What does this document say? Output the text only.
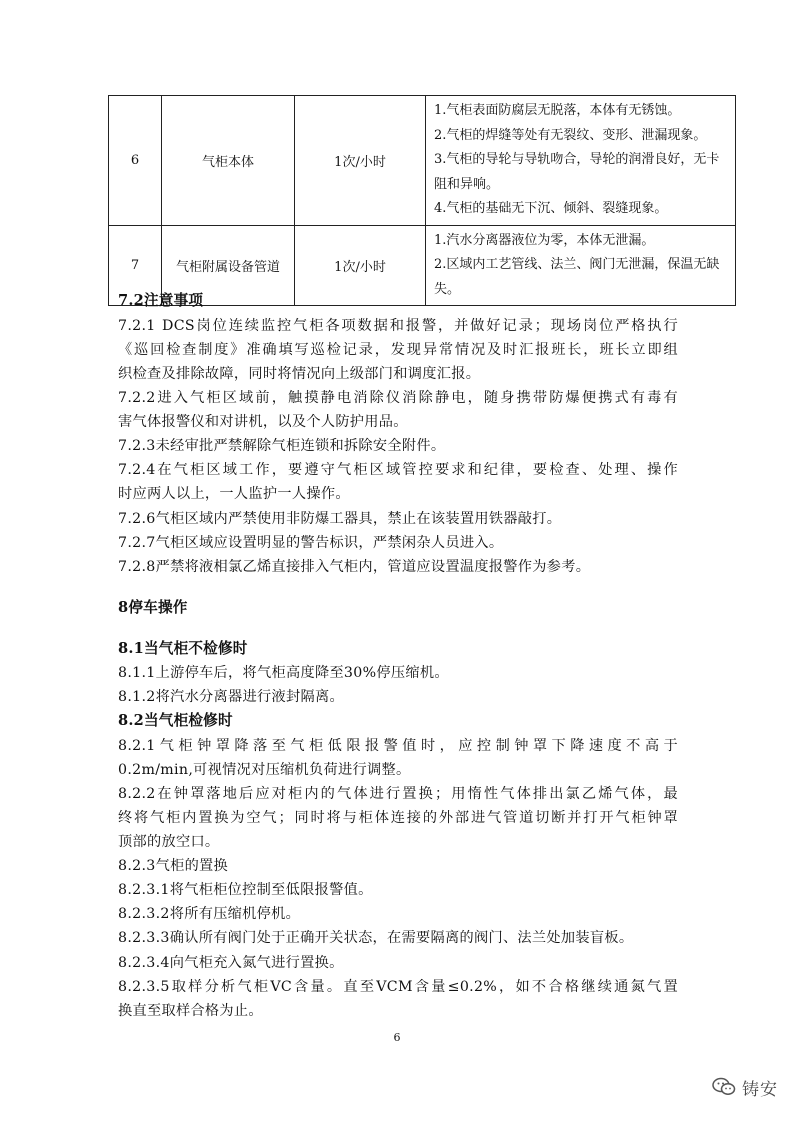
6	气柜本体	1次/小时	1.气柜表面防腐层无脱落，本体有无锈蚀。
2.气柜的焊缝等处有无裂纹、变形、泄漏现象。
3.气柜的导轮与导轨吻合，导轮的润滑良好，无卡
阻和异响。
4.气柜的基础无下沉、倾斜、裂缝现象。

7	气柜附属设备管道	1次/小时	1.汽水分离器液位为零，本体无泄漏。
2.区域内工艺管线、法兰、阀门无泄漏，保温无缺
失。

7.2注意事项

7.2.1 DCS岗位连续监控气柜各项数据和报警，并做好记录；现场岗位严格执行

《巡回检查制度》准确填写巡检记录，发现异常情况及时汇报班长，班长立即组

织检查及排除故障，同时将情况向上级部门和调度汇报。

7.2.2进入气柜区域前，触摸静电消除仪消除静电，随身携带防爆便携式有毒有

害气体报警仪和对讲机，以及个人防护用品。

7.2.3未经审批严禁解除气柜连锁和拆除安全附件。

7.2.4在气柜区域工作，要遵守气柜区域管控要求和纪律，要检查、处理、操作

时应两人以上，一人监护一人操作。

7.2.6气柜区域内严禁使用非防爆工器具，禁止在该装置用铁器敲打。

7.2.7气柜区域应设置明显的警告标识，严禁闲杂人员进入。

7.2.8严禁将液相氯乙烯直接排入气柜内，管道应设置温度报警作为参考。

8停车操作

8.1当气柜不检修时

8.1.1上游停车后，将气柜高度降至30%停压缩机。

8.1.2将汽水分离器进行液封隔离。

8.2当气柜检修时

8.2.1气柜钟罩降落至气柜低限报警值时，应控制钟罩下降速度不高于

0.2m/min,可视情况对压缩机负荷进行调整。

8.2.2在钟罩落地后应对柜内的气体进行置换；用惰性气体排出氯乙烯气体，最

终将气柜内置换为空气；同时将与柜体连接的外部进气管道切断并打开气柜钟罩

顶部的放空口。

8.2.3气柜的置换

8.2.3.1将气柜柜位控制至低限报警值。

8.2.3.2将所有压缩机停机。

8.2.3.3确认所有阀门处于正确开关状态，在需要隔离的阀门、法兰处加装盲板。

8.2.3.4向气柜充入氮气进行置换。

8.2.3.5取样分析气柜VC含量。直至VCM含量≤0.2%，如不合格继续通氮气置

换直至取样合格为止。

6
铸安
